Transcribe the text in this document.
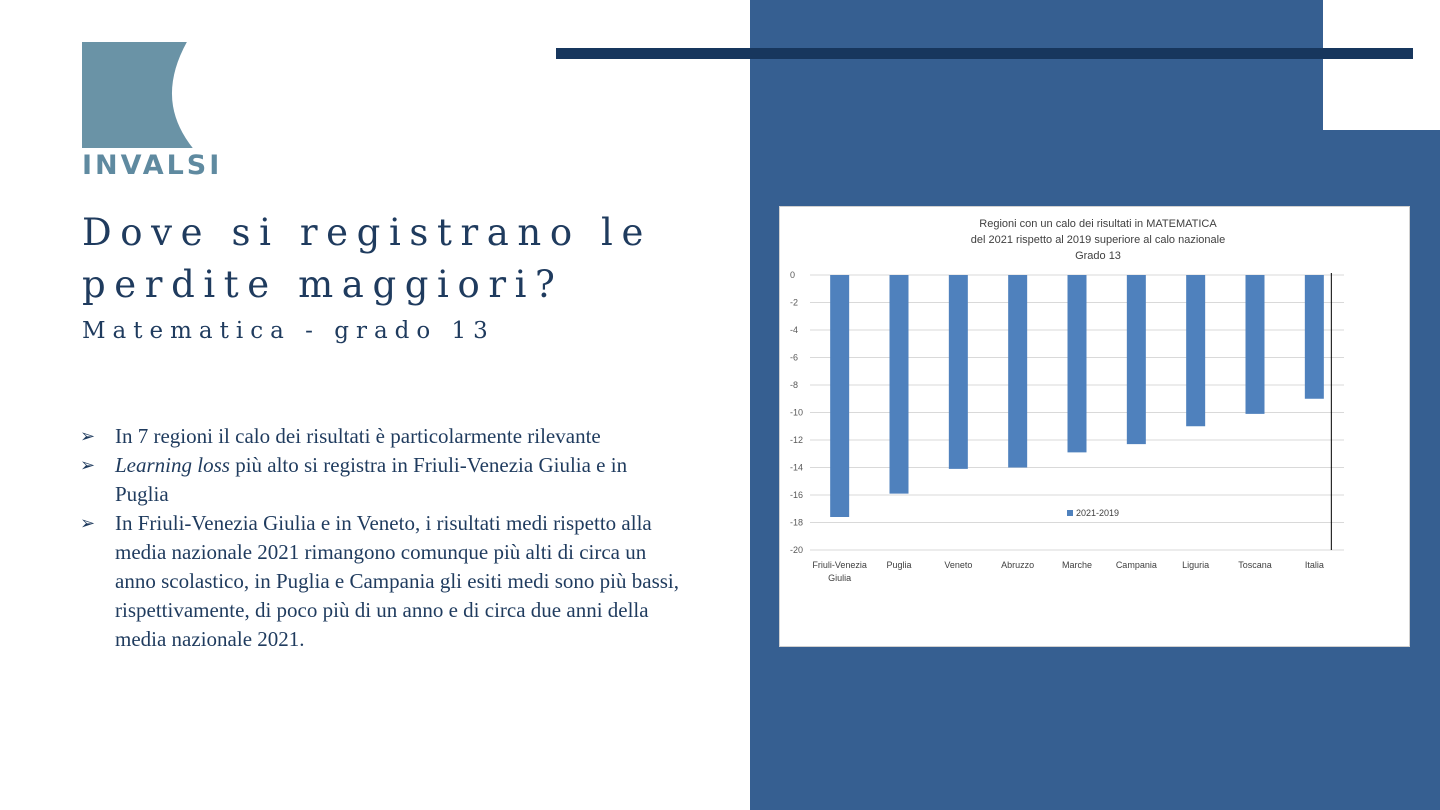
INVALSI
Dove si registrano le perdite maggiori?
Matematica - grado 13
➢ In 7 regioni il calo dei risultati è particolarmente rilevante
➢ Learning loss più alto si registra in Friuli-Venezia Giulia e in Puglia
➢ In Friuli-Venezia Giulia e in Veneto, i risultati medi rispetto alla media nazionale 2021 rimangono comunque più alti di circa un anno scolastico, in Puglia e Campania gli esiti medi sono più bassi, rispettivamente, di poco più di un anno e di circa due anni della media nazionale 2021.
Regioni con un calo dei risultati in MATEMATICA
del 2021 rispetto al 2019 superiore al calo nazionale
Grado 13
0
-2
-4
-6
-8
-10
-12
-14
-16
-18
-20
Friuli-Venezia
Giulia
Puglia	Veneto	Abruzzo	Marche	Campania	Liguria	Toscana	Italia
2021-2019
